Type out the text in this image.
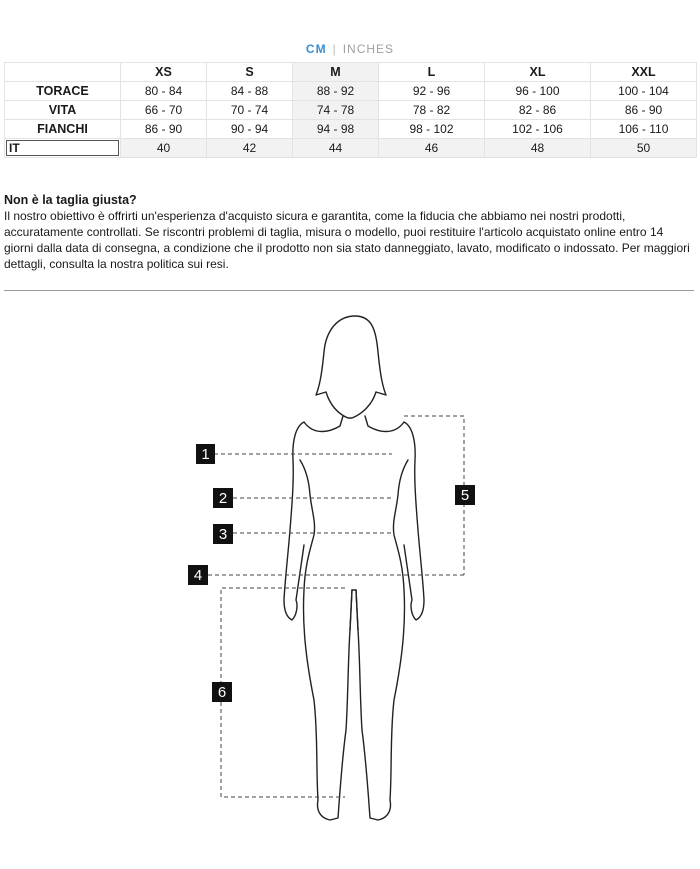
CM | INCHES
	XS	S	M	L	XL	XXL
TORACE	80 - 84	84 - 88	88 - 92	92 - 96	96 - 100	100 - 104
VITA	66 - 70	70 - 74	74 - 78	78 - 82	82 - 86	86 - 90
FIANCHI	86 - 90	90 - 94	94 - 98	98 - 102	102 - 106	106 - 110

IT	40	42	44	46	48	50
Non è la taglia giusta?

Il nostro obiettivo è offrirti un'esperienza d'acquisto sicura e garantita, come la fiducia che abbiamo nei nostri prodotti, accuratamente controllati. Se riscontri problemi di taglia, misura o modello, puoi restituire l'articolo acquistato online entro 14 giorni dalla data di consegna, a condizione che il prodotto non sia stato danneggiato, lavato, modificato o indossato. Per maggiori dettagli, consulta la nostra politica sui resi.

1
2
3
4
5
6
